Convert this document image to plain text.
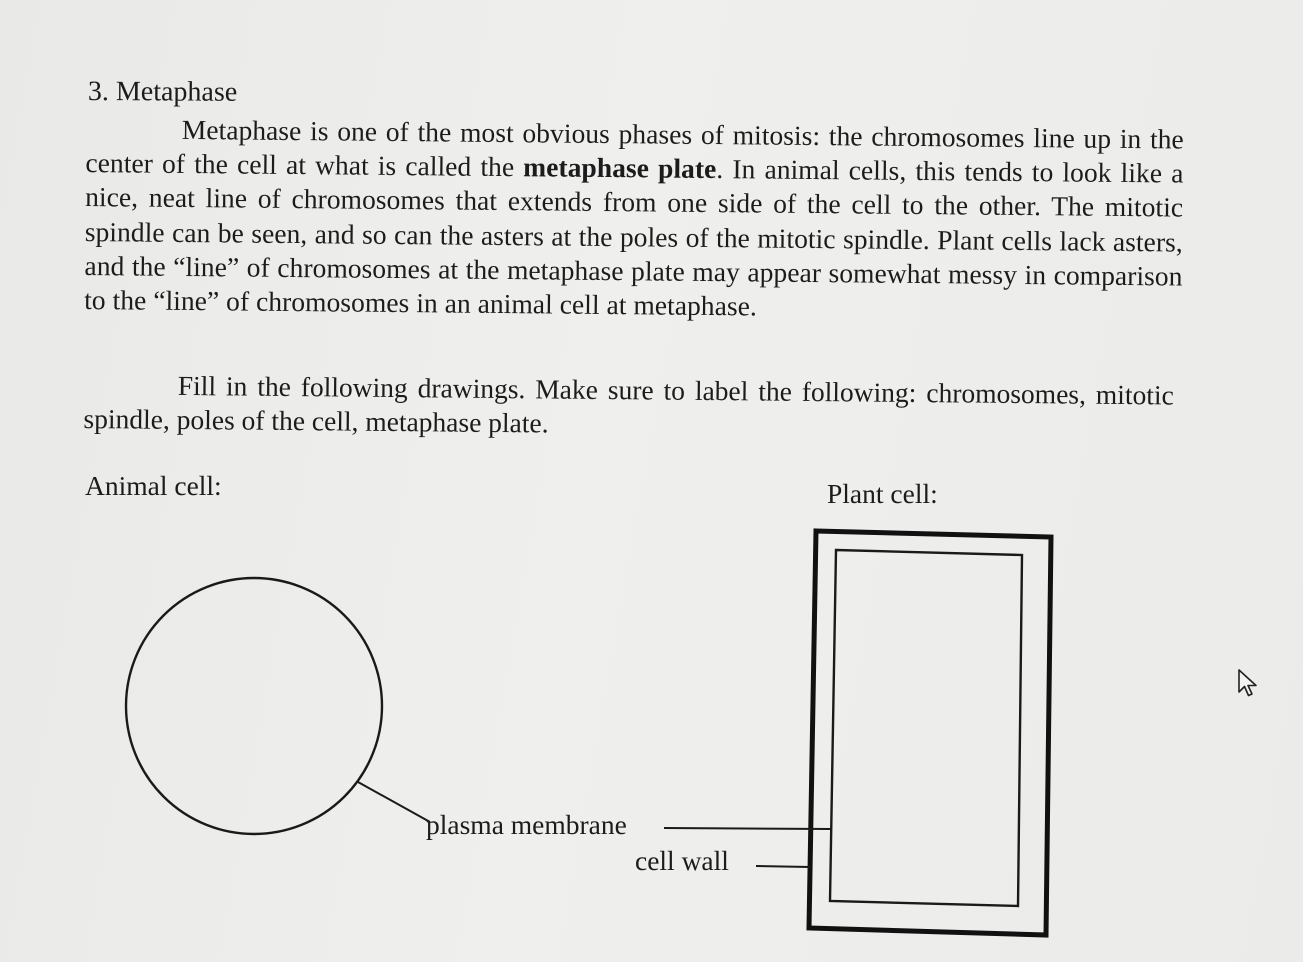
3. Metaphase
Metaphase is one of the most obvious phases of mitosis: the chromosomes line up in the center of the cell at what is called the metaphase plate. In animal cells, this tends to look like a nice, neat line of chromosomes that extends from one side of the cell to the other. The mitotic spindle can be seen, and so can the asters at the poles of the mitotic spindle. Plant cells lack asters, and the “line” of chromosomes at the metaphase plate may appear somewhat messy in comparison to the “line” of chromosomes in an animal cell at metaphase.
Fill in the following drawings. Make sure to label the following: chromosomes, mitotic spindle, poles of the cell, metaphase plate.
Animal cell:	Plant cell:
plasma membrane
cell wall
